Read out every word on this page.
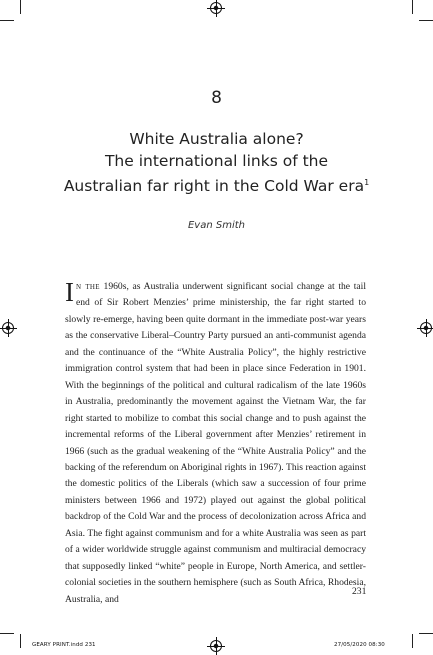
8
White Australia alone?
The international links of the
Australian far right in the Cold War era$^1$
Evan Smith
In the 1960s, as Australia underwent significant social change at the tail end of Sir Robert Menzies’ prime ministership, the far right started to slowly re-emerge, having been quite dormant in the immediate post-war years as the conservative Liberal–Country Party pursued an anti-communist agenda and the continuance of the “White Australia Policy”, the highly restrictive immigration control system that had been in place since Federation in 1901. With the beginnings of the political and cultural radicalism of the late 1960s in Australia, predominantly the movement against the Vietnam War, the far right started to mobilize to combat this social change and to push against the incremental reforms of the Liberal government after Menzies’ retirement in 1966 (such as the gradual weakening of the “White Australia Policy” and the backing of the referendum on Aboriginal rights in 1967). This reaction against the domestic politics of the Liberals (which saw a succession of four prime ministers between 1966 and 1972) played out against the global political backdrop of the Cold War and the process of decolonization across Africa and Asia. The fight against communism and for a white Australia was seen as part of a wider worldwide struggle against communism and multiracial democracy that supposedly linked “white” people in Europe, North America, and settler-colonial societies in the southern hemisphere (such as South Africa, Rhodesia, Australia, and
231
GEARY PRINT.indd 231	27/05/2020 08:30
